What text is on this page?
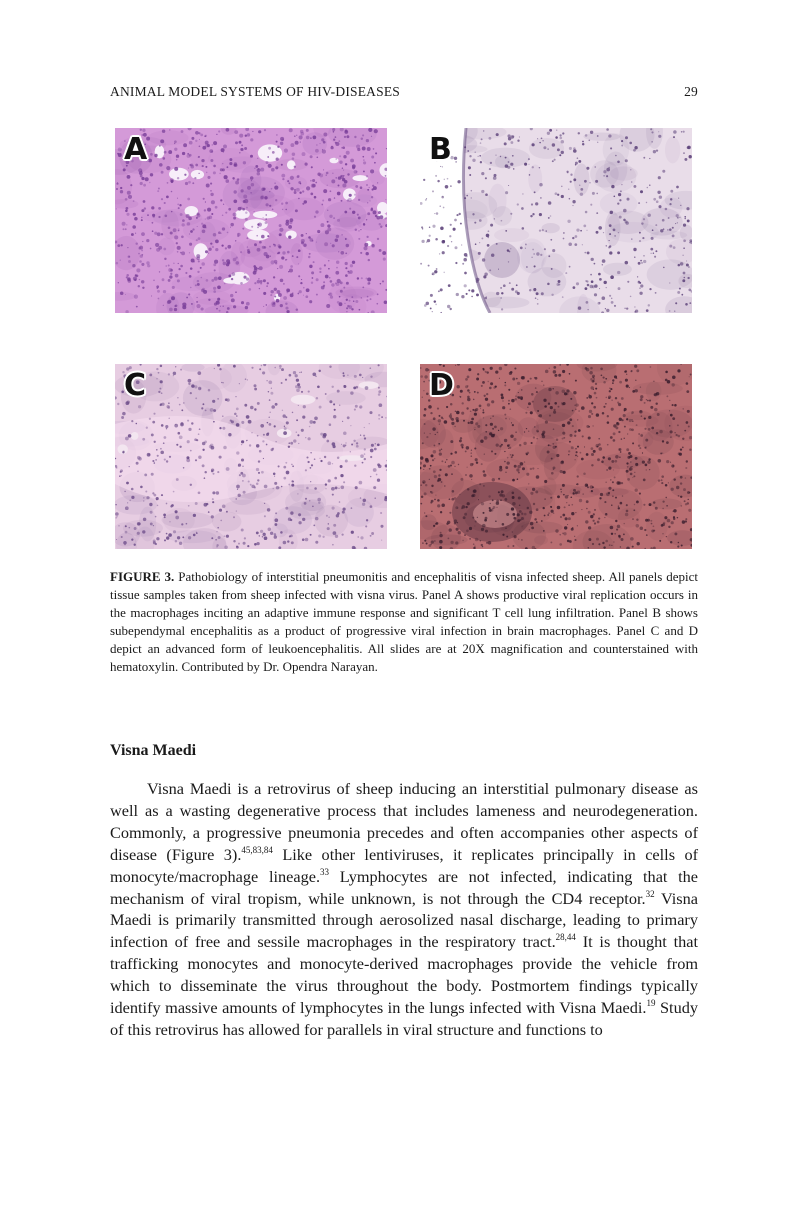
ANIMAL MODEL SYSTEMS OF HIV-DISEASES	29
A	B
C	D
FIGURE 3. Pathobiology of interstitial pneumonitis and encephalitis of visna infected sheep. All panels depict tissue samples taken from sheep infected with visna virus. Panel A shows productive viral replication occurs in the macrophages inciting an adaptive immune response and significant T cell lung infiltration. Panel B shows subependymal encephalitis as a product of progressive viral infection in brain macrophages. Panel C and D depict an advanced form of leukoencephalitis. All slides are at 20X magnification and counterstained with hematoxylin. Contributed by Dr. Opendra Narayan.
Visna Maedi

Visna Maedi is a retrovirus of sheep inducing an interstitial pulmonary disease as well as a wasting degenerative process that includes lameness and neurodegeneration. Commonly, a progressive pneumonia precedes and often accompanies other aspects of disease (Figure 3).$^{45,83,84}$ Like other lentiviruses, it replicates principally in cells of monocyte/macrophage lineage.$^{33}$ Lymphocytes are not infected, indicating that the mechanism of viral tropism, while unknown, is not through the CD4 receptor.$^{32}$ Visna Maedi is primarily transmitted through aerosolized nasal discharge, leading to primary infection of free and sessile macrophages in the respiratory tract.$^{28,44}$ It is thought that trafficking monocytes and monocyte-derived macrophages provide the vehicle from which to disseminate the virus throughout the body. Postmortem findings typically identify massive amounts of lymphocytes in the lungs infected with Visna Maedi.$^{19}$ Study of this retrovirus has allowed for parallels in viral structure and functions to
